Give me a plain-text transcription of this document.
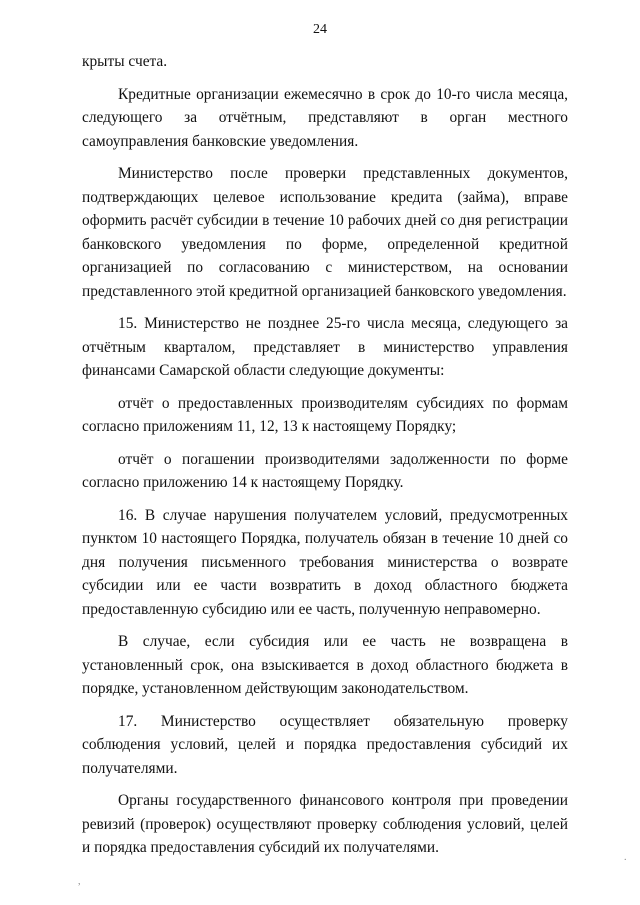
24

крыты счета.

Кредитные организации ежемесячно в срок до 10-го числа месяца, следующего за отчётным, представляют в орган местного самоуправления банковские уведомления.

Министерство после проверки представленных документов, подтверждающих целевое использование кредита (займа), вправе оформить расчёт субсидии в течение 10 рабочих дней со дня регистрации банковского уведомления по форме, определенной кредитной организацией по согласованию с министерством, на основании представленного этой кредитной организацией банковского уведомления.

15. Министерство не позднее 25-го числа месяца, следующего за отчётным кварталом, представляет в министерство управления финансами Самарской области следующие документы:

отчёт о предоставленных производителям субсидиях по формам согласно приложениям 11, 12, 13 к настоящему Порядку;

отчёт о погашении производителями задолженности по форме согласно приложению 14 к настоящему Порядку.

16. В случае нарушения получателем условий, предусмотренных пунктом 10 настоящего Порядка, получатель обязан в течение 10 дней со дня получения письменного требования министерства о возврате субсидии или ее части возвратить в доход областного бюджета предоставленную субсидию или ее часть, полученную неправомерно.

В случае, если субсидия или ее часть не возвращена в установленный срок, она взыскивается в доход областного бюджета в порядке, установленном действующим законодательством.

17. Министерство осуществляет обязательную проверку соблюдения условий, целей и порядка предоставления субсидий их получателями.

Органы государственного финансового контроля при проведении ревизий (проверок) осуществляют проверку соблюдения условий, целей и порядка предоставления субсидий их получателями.

,
.
